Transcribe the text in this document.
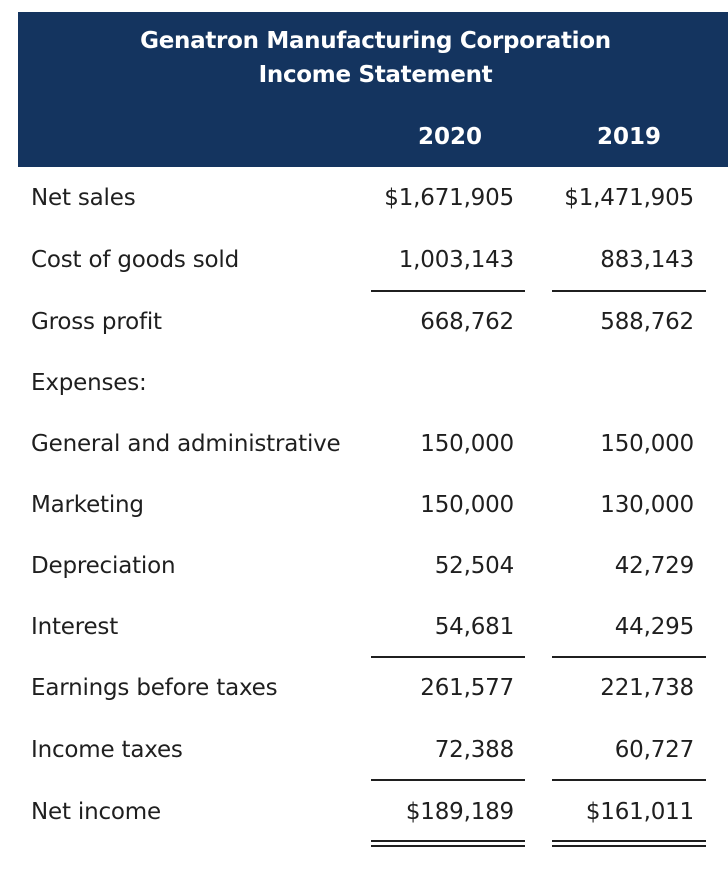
Genatron Manufacturing Corporation
Income Statement
2020	2019
Net sales	$1,671,905 $1,471,905
Cost of goods sold	1,003,143	883,143
Gross profit	668,762	588,762
Expenses:
General and administrative	150,000	150,000
Marketing	150,000	130,000
Depreciation	52,504	42,729
Interest	54,681	44,295
Earnings before taxes	261,577	221,738
Income taxes	72,388	60,727
Net income	$189,189	$161,011
